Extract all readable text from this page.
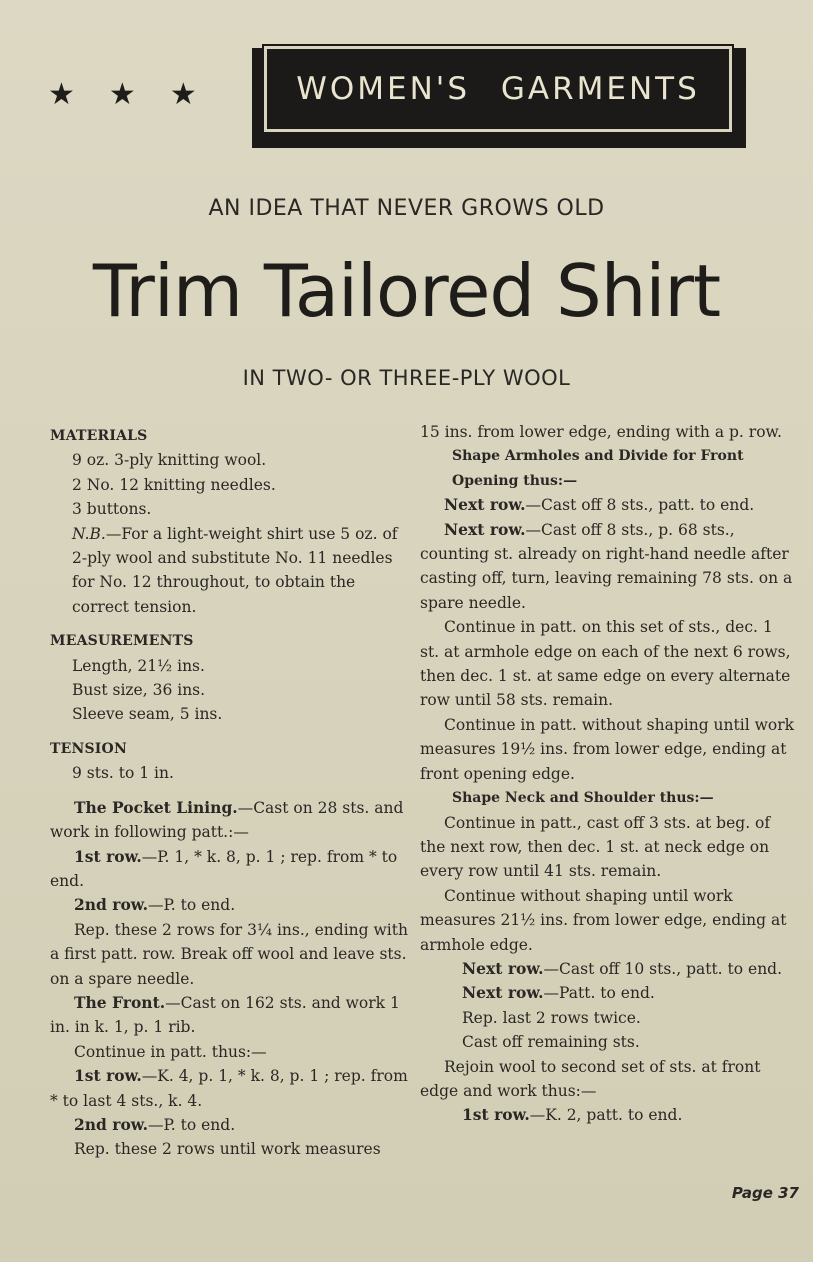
★ ★ ★	WOMEN'S GARMENTS
AN IDEA THAT NEVER GROWS OLD
Trim Tailored Shirt
IN TWO- OR THREE-PLY WOOL

MATERIALS

9 oz. 3-ply knitting wool.

2 No. 12 knitting needles.

3 buttons.

N.B.—For a light-weight shirt use 5 oz. of 2-ply wool and substitute No. 11 needles for No. 12 throughout, to obtain the correct tension.

MEASUREMENTS

Length, 21½ ins.

Bust size, 36 ins.

Sleeve seam, 5 ins.

TENSION

9 sts. to 1 in.

The Pocket Lining.—Cast on 28 sts. and work in following patt.:—

1st row.—P. 1, * k. 8, p. 1 ; rep. from * to end.

2nd row.—P. to end.

Rep. these 2 rows for 3¼ ins., ending with a first patt. row. Break off wool and leave sts. on a spare needle.

The Front.—Cast on 162 sts. and work 1 in. in k. 1, p. 1 rib.

Continue in patt. thus:—

1st row.—K. 4, p. 1, * k. 8, p. 1 ; rep. from * to last 4 sts., k. 4.

2nd row.—P. to end.

Rep. these 2 rows until work measures

15 ins. from lower edge, ending with a p. row.

Shape Armholes and Divide for Front Opening thus:—

Next row.—Cast off 8 sts., patt. to end.

Next row.—Cast off 8 sts., p. 68 sts., counting st. already on right-hand needle after casting off, turn, leaving remaining 78 sts. on a spare needle.

Continue in patt. on this set of sts., dec. 1 st. at armhole edge on each of the next 6 rows, then dec. 1 st. at same edge on every alternate row until 58 sts. remain.

Continue in patt. without shaping until work measures 19½ ins. from lower edge, ending at front opening edge.

Shape Neck and Shoulder thus:—

Continue in patt., cast off 3 sts. at beg. of the next row, then dec. 1 st. at neck edge on every row until 41 sts. remain.

Continue without shaping until work measures 21½ ins. from lower edge, ending at armhole edge.

Next row.—Cast off 10 sts., patt. to end.

Next row.—Patt. to end.

Rep. last 2 rows twice.

Cast off remaining sts.

Rejoin wool to second set of sts. at front edge and work thus:—

1st row.—K. 2, patt. to end.

Page 37
